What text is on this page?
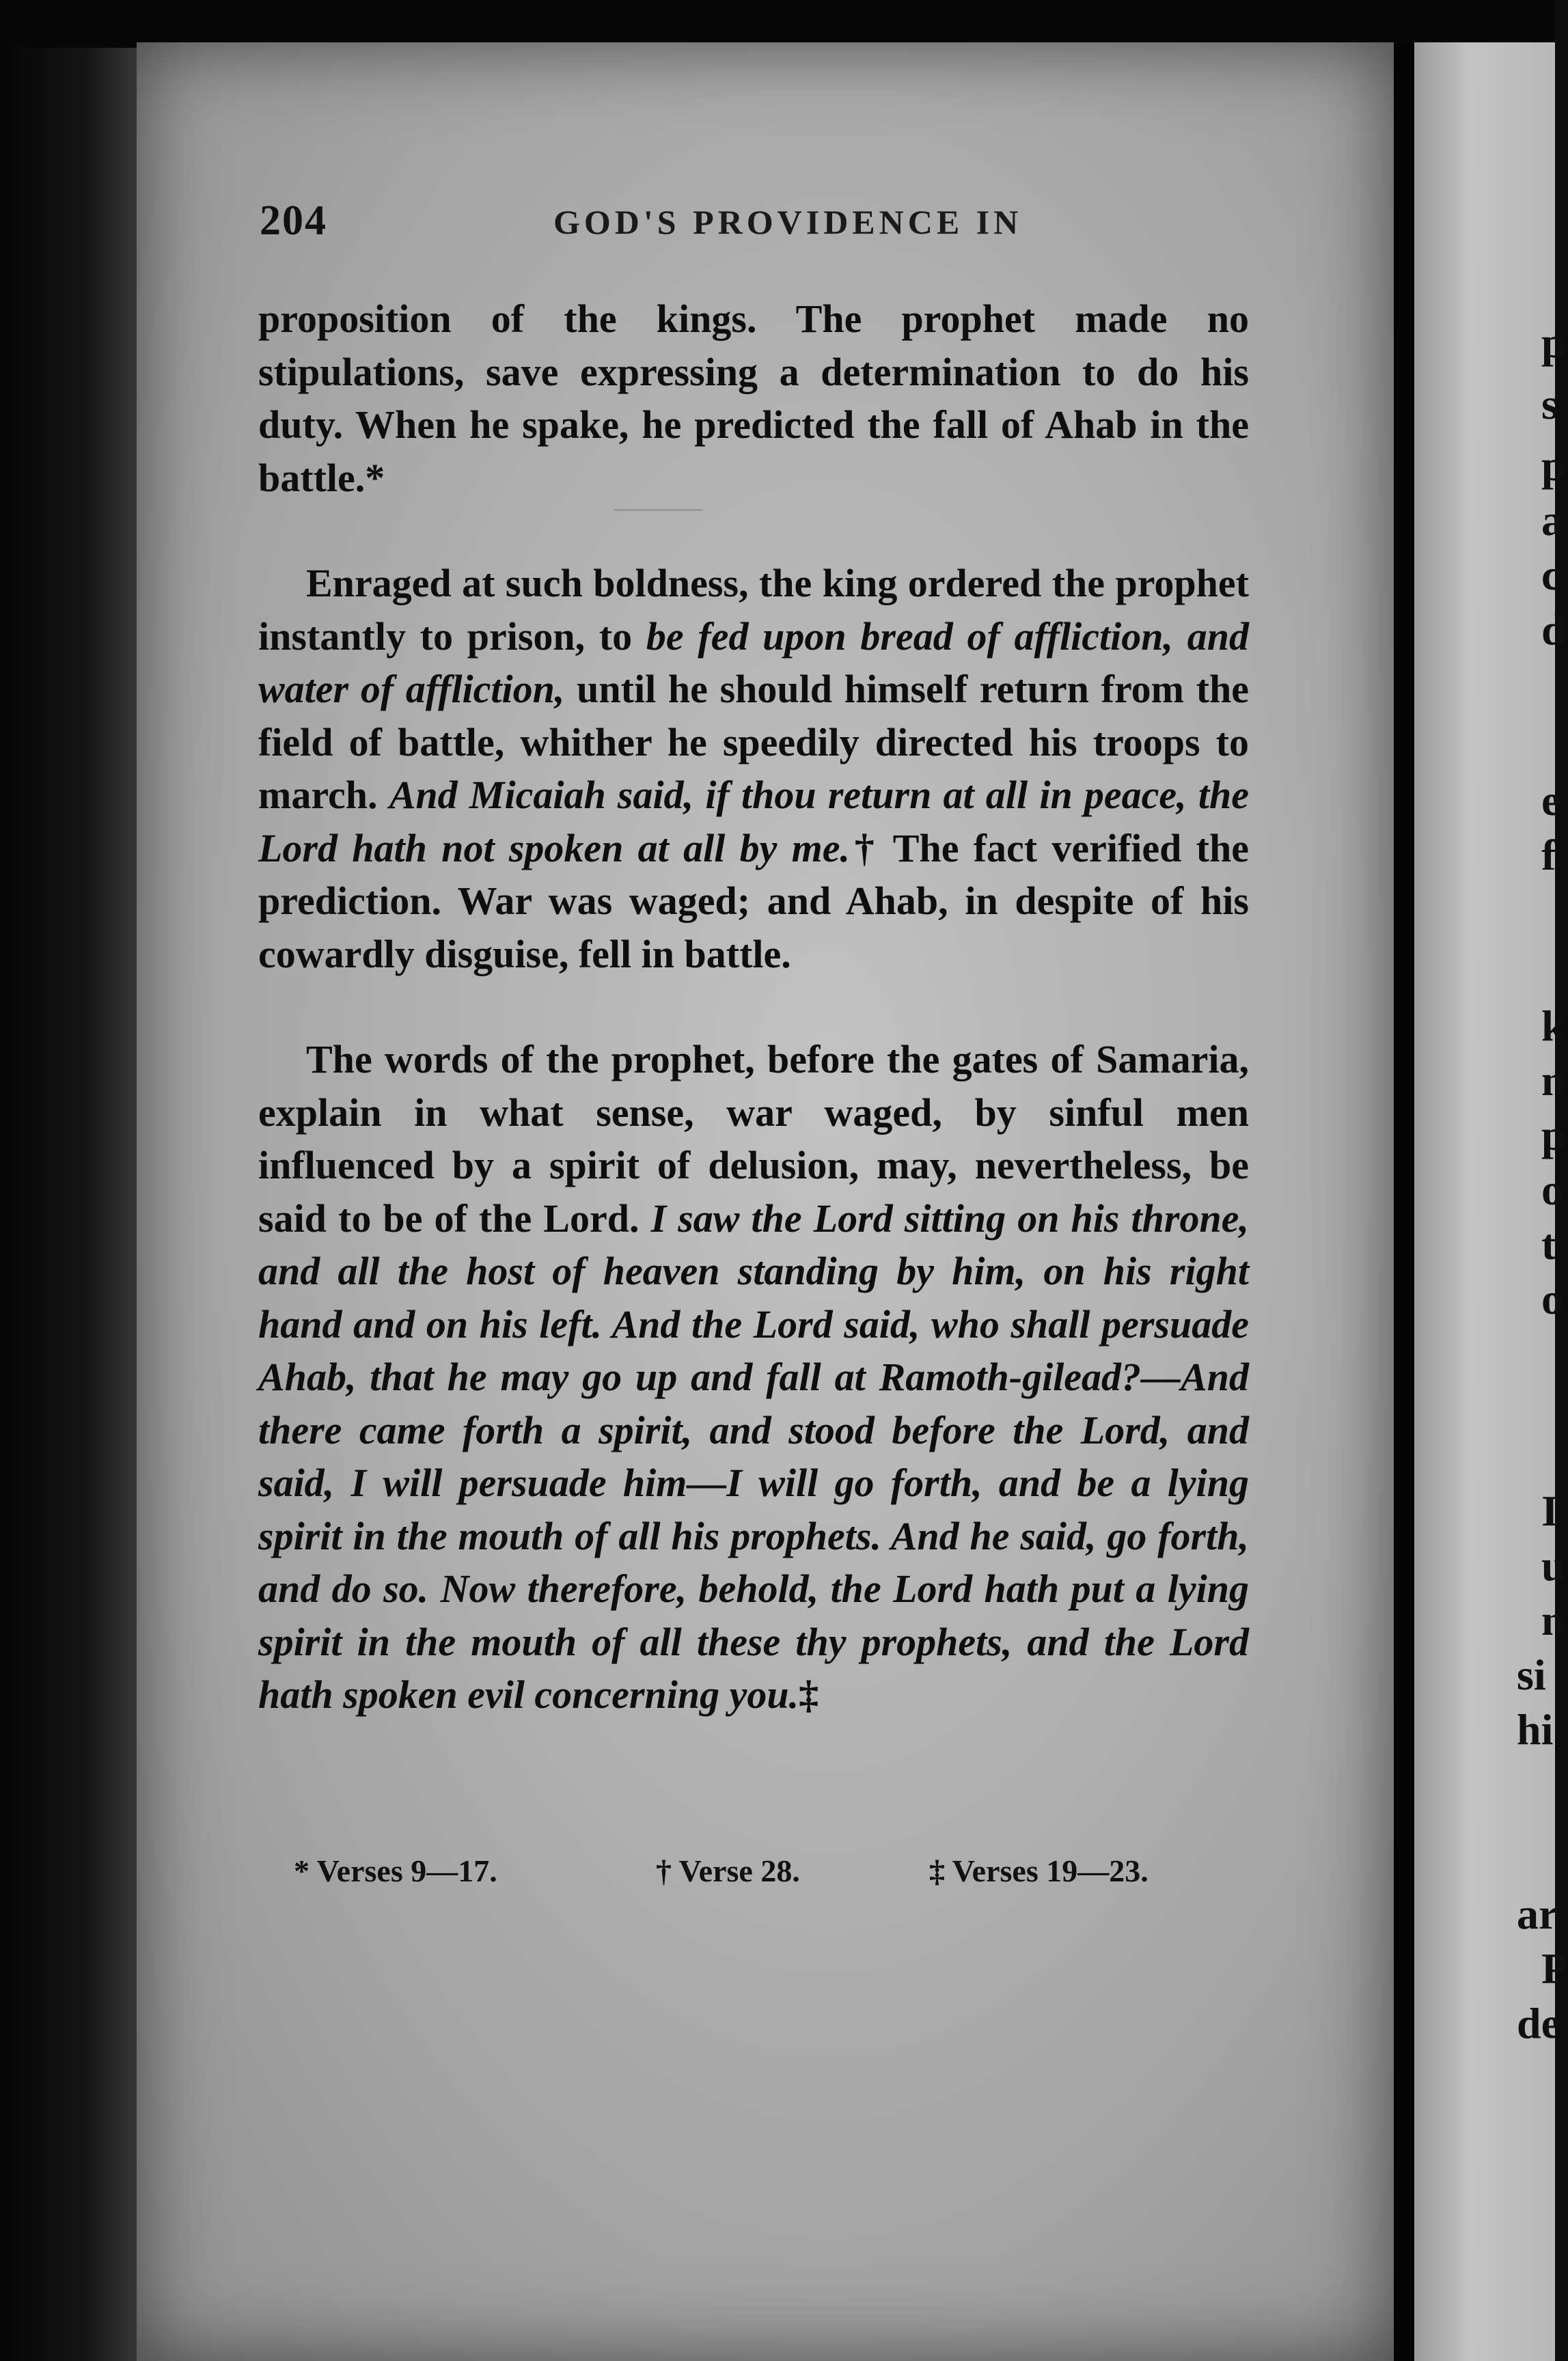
p
s
p
a
c
d
e
f
k
n
p
o
t
o
I
u
n
si
hi
ar
P
de
⸻
204	GOD'S PROVIDENCE IN

proposition of the kings. The prophet made no stipulations, save expressing a determination to do his duty. When he spake, he predicted the fall of Ahab in the battle.*

Enraged at such boldness, the king ordered the prophet instantly to prison, to be fed upon bread of affliction, and water of affliction, until he should himself return from the field of battle, whither he speedily directed his troops to march. And Micaiah said, if thou return at all in peace, the Lord hath not spoken at all by me.† The fact verified the prediction. War was waged; and Ahab, in despite of his cowardly disguise, fell in battle.

The words of the prophet, before the gates of Samaria, explain in what sense, war waged, by sinful men influenced by a spirit of delusion, may, nevertheless, be said to be of the Lord. I saw the Lord sitting on his throne, and all the host of heaven standing by him, on his right hand and on his left. And the Lord said, who shall persuade Ahab, that he may go up and fall at Ramoth-gilead?—And there came forth a spirit, and stood before the Lord, and said, I will persuade him—I will go forth, and be a lying spirit in the mouth of all his prophets. And he said, go forth, and do so. Now therefore, behold, the Lord hath put a lying spirit in the mouth of all these thy prophets, and the Lord hath spoken evil concerning you.‡

* Verses 9—17.	† Verse 28.	‡ Verses 19—23.
